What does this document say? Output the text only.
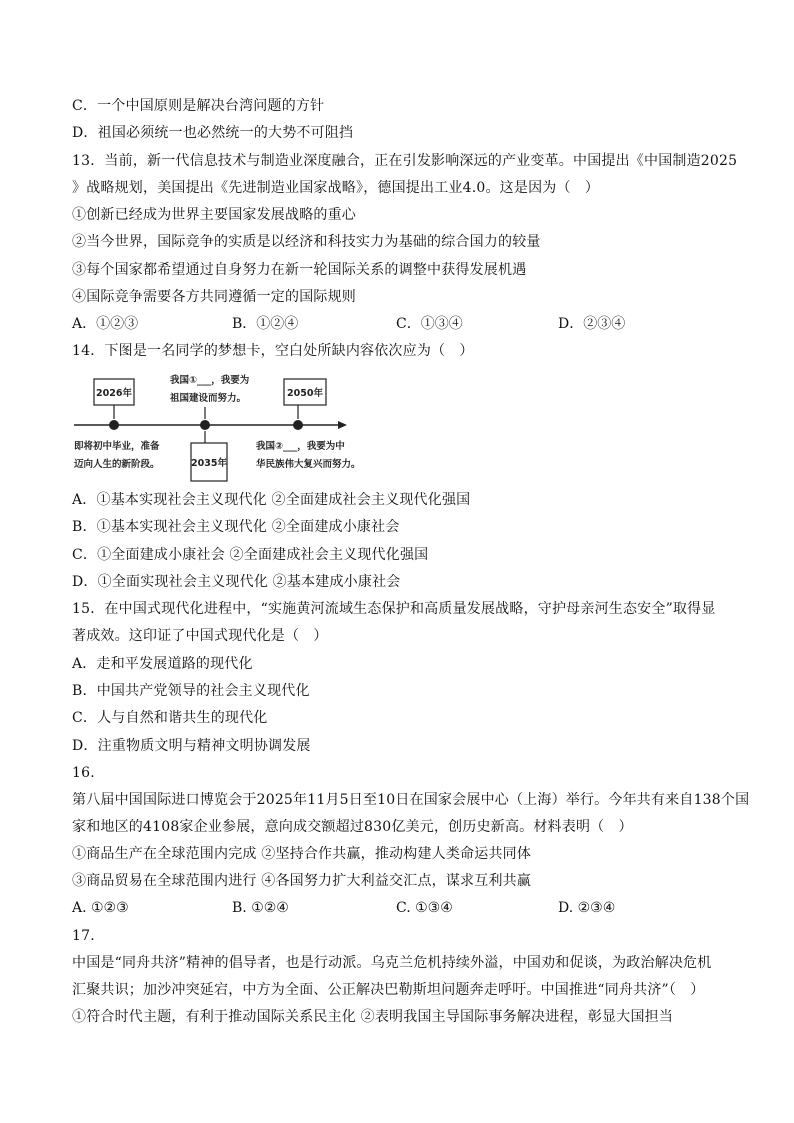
C．一个中国原则是解决台湾问题的方针
D．祖国必须统一也必然统一的大势不可阻挡
13．当前，新一代信息技术与制造业深度融合，正在引发影响深远的产业变革。中国提出《中国制造2025
》战略规划，美国提出《先进制造业国家战略》，德国提出工业4.0。这是因为（　）
①创新已经成为世界主要国家发展战略的重心
②当今世界，国际竞争的实质是以经济和科技实力为基础的综合国力的较量
③每个国家都希望通过自身努力在新一轮国际关系的调整中获得发展机遇
④国际竞争需要各方共同遵循一定的国际规则
A．①②③	B．①②④	C．①③④	D．②③④
14．下图是一名同学的梦想卡，空白处所缺内容依次应为（　）
2026年
我国①___，我要为
祖国建设而努力。
2035年
2050年
即将初中毕业，准备
迈向人生的新阶段。
我国②___，我要为中
华民族伟大复兴而努力。
A．①基本实现社会主义现代化 ②全面建成社会主义现代化强国
B．①基本实现社会主义现代化 ②全面建成小康社会
C．①全面建成小康社会 ②全面建成社会主义现代化强国
D．①全面实现社会主义现代化 ②基本建成小康社会
15．在中国式现代化进程中，“实施黄河流域生态保护和高质量发展战略，守护母亲河生态安全”取得显
著成效。这印证了中国式现代化是（　）
A．走和平发展道路的现代化
B．中国共产党领导的社会主义现代化
C．人与自然和谐共生的现代化
D．注重物质文明与精神文明协调发展
16.
第八届中国国际进口博览会于2025年11月5日至10日在国家会展中心（上海）举行。今年共有来自138个国
家和地区的4108家企业参展，意向成交额超过830亿美元，创历史新高。材料表明（　）
①商品生产在全球范围内完成 ②坚持合作共赢，推动构建人类命运共同体
③商品贸易在全球范围内进行 ④各国努力扩大利益交汇点，谋求互利共赢
A. ①②③	B. ①②④	C. ①③④	D. ②③④
17.
中国是“同舟共济”精神的倡导者，也是行动派。乌克兰危机持续外溢，中国劝和促谈，为政治解决危机
汇聚共识；加沙冲突延宕，中方为全面、公正解决巴勒斯坦问题奔走呼吁。中国推进“同舟共济”（　）
①符合时代主题，有利于推动国际关系民主化 ②表明我国主导国际事务解决进程，彰显大国担当
